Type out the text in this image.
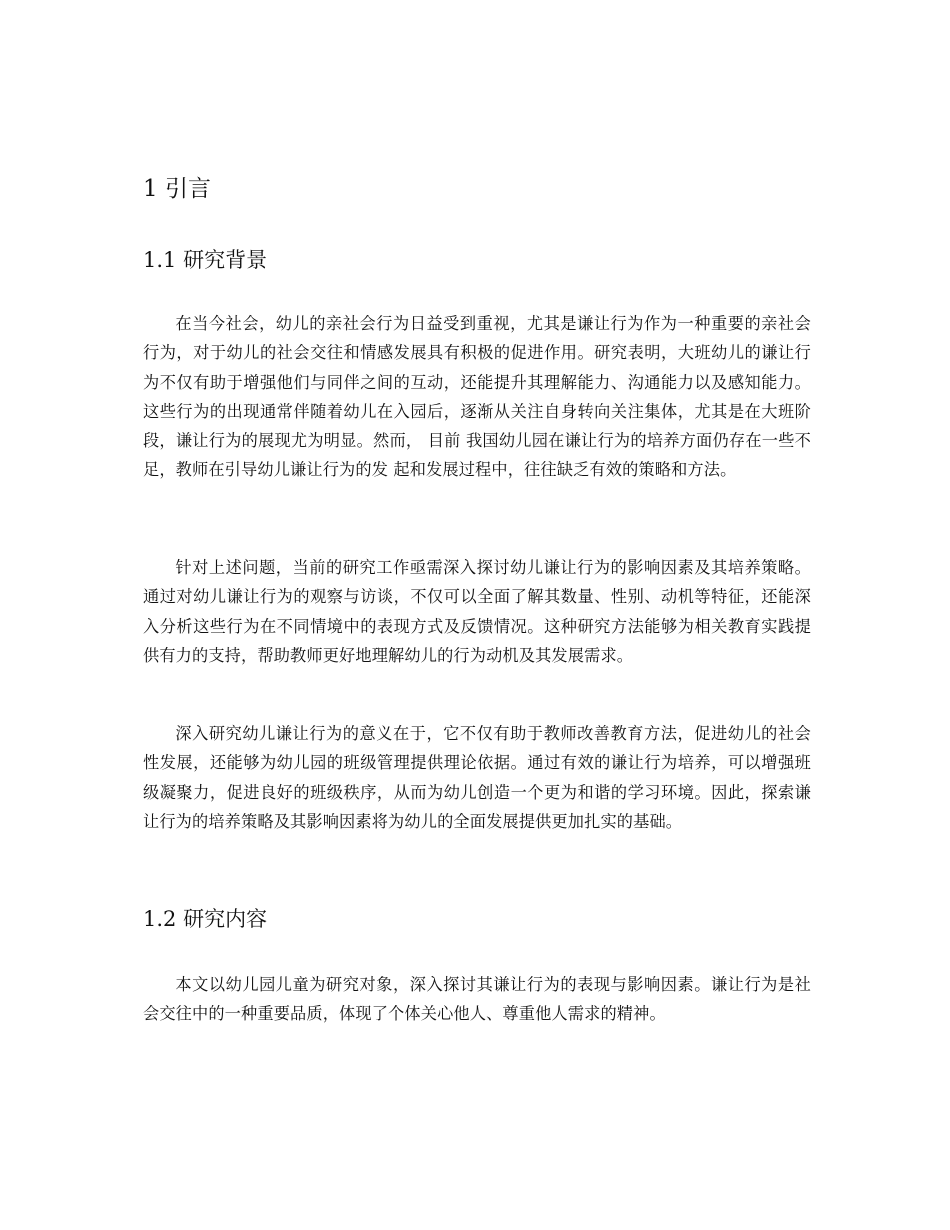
1 引言
1.1 研究背景

在当今社会，幼儿的亲社会行为日益受到重视，尤其是谦让行为作为一种重要的亲社会行为，对于幼儿的社会交往和情感发展具有积极的促进作用。研究表明，大班幼儿的谦让行为不仅有助于增强他们与同伴之间的互动，还能提升其理解能力、沟通能力以及感知能力。这些行为的出现通常伴随着幼儿在入园后，逐渐从关注自身转向关注集体，尤其是在大班阶段，谦让行为的展现尤为明显。然而， 目前 我国幼儿园在谦让行为的培养方面仍存在一些不足，教师在引导幼儿谦让行为的发 起和发展过程中，往往缺乏有效的策略和方法。

针对上述问题，当前的研究工作亟需深入探讨幼儿谦让行为的影响因素及其培养策略。通过对幼儿谦让行为的观察与访谈，不仅可以全面了解其数量、性别、动机等特征，还能深入分析这些行为在不同情境中的表现方式及反馈情况。这种研究方法能够为相关教育实践提供有力的支持，帮助教师更好地理解幼儿的行为动机及其发展需求。

深入研究幼儿谦让行为的意义在于，它不仅有助于教师改善教育方法，促进幼儿的社会性发展，还能够为幼儿园的班级管理提供理论依据。通过有效的谦让行为培养，可以增强班级凝聚力，促进良好的班级秩序，从而为幼儿创造一个更为和谐的学习环境。因此，探索谦让行为的培养策略及其影响因素将为幼儿的全面发展提供更加扎实的基础。

1.2 研究内容

本文以幼儿园儿童为研究对象，深入探讨其谦让行为的表现与影响因素。谦让行为是社会交往中的一种重要品质，体现了个体关心他人、尊重他人需求的精神。
